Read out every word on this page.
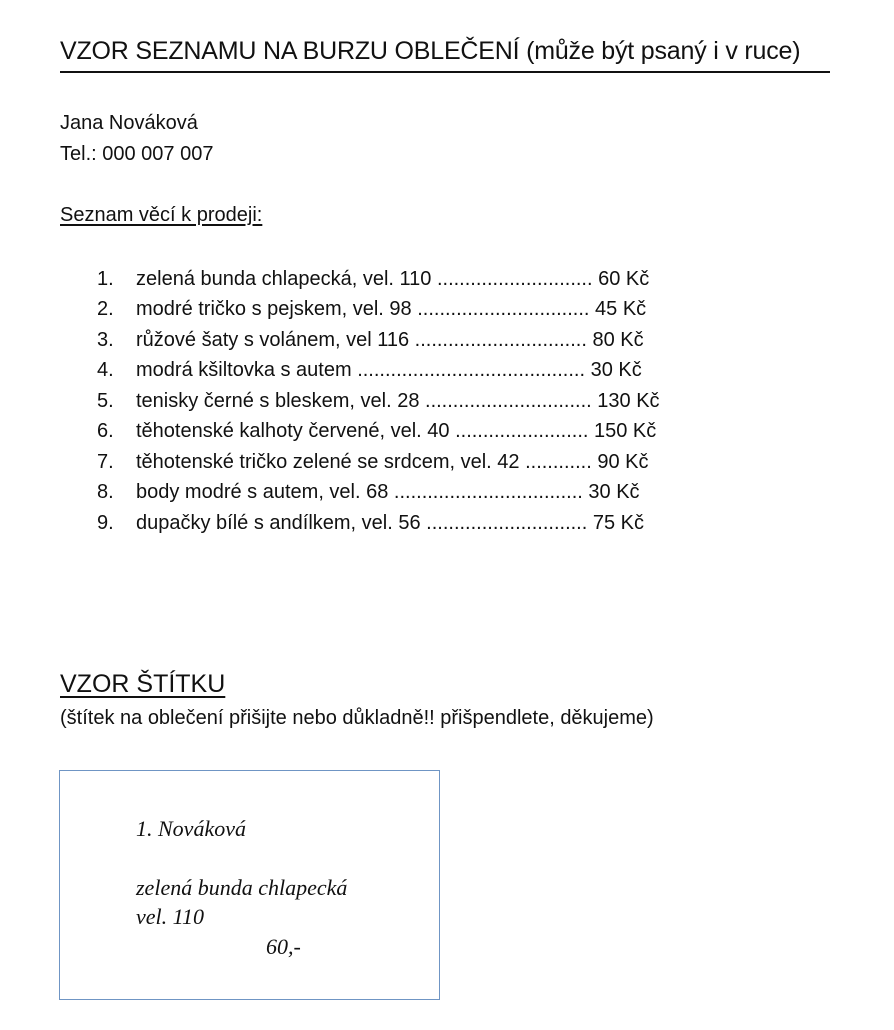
VZOR SEZNAMU NA BURZU OBLEČENÍ (může být psaný i v ruce)
Jana Nováková
Tel.: 000 007 007
Seznam věcí k prodeji:
1.	zelená bunda chlapecká, vel. 110 ............................ 60 Kč
2.	modré tričko s pejskem, vel. 98 ............................... 45 Kč
3.	růžové šaty s volánem, vel 116 ............................... 80 Kč
4.	modrá kšiltovka s autem ......................................... 30 Kč
5.	tenisky černé s bleskem, vel. 28 .............................. 130 Kč
6.	těhotenské kalhoty červené, vel. 40 ........................ 150 Kč
7.	těhotenské tričko zelené se srdcem, vel. 42 ............ 90 Kč
8.	body modré s autem, vel. 68 .................................. 30 Kč
9.	dupačky bílé s andílkem, vel. 56 ............................. 75 Kč
VZOR ŠTÍTKU
(štítek na oblečení přišijte nebo důkladně!! přišpendlete, děkujeme)
1. Nováková
zelená bunda chlapecká
vel. 110
60,-
